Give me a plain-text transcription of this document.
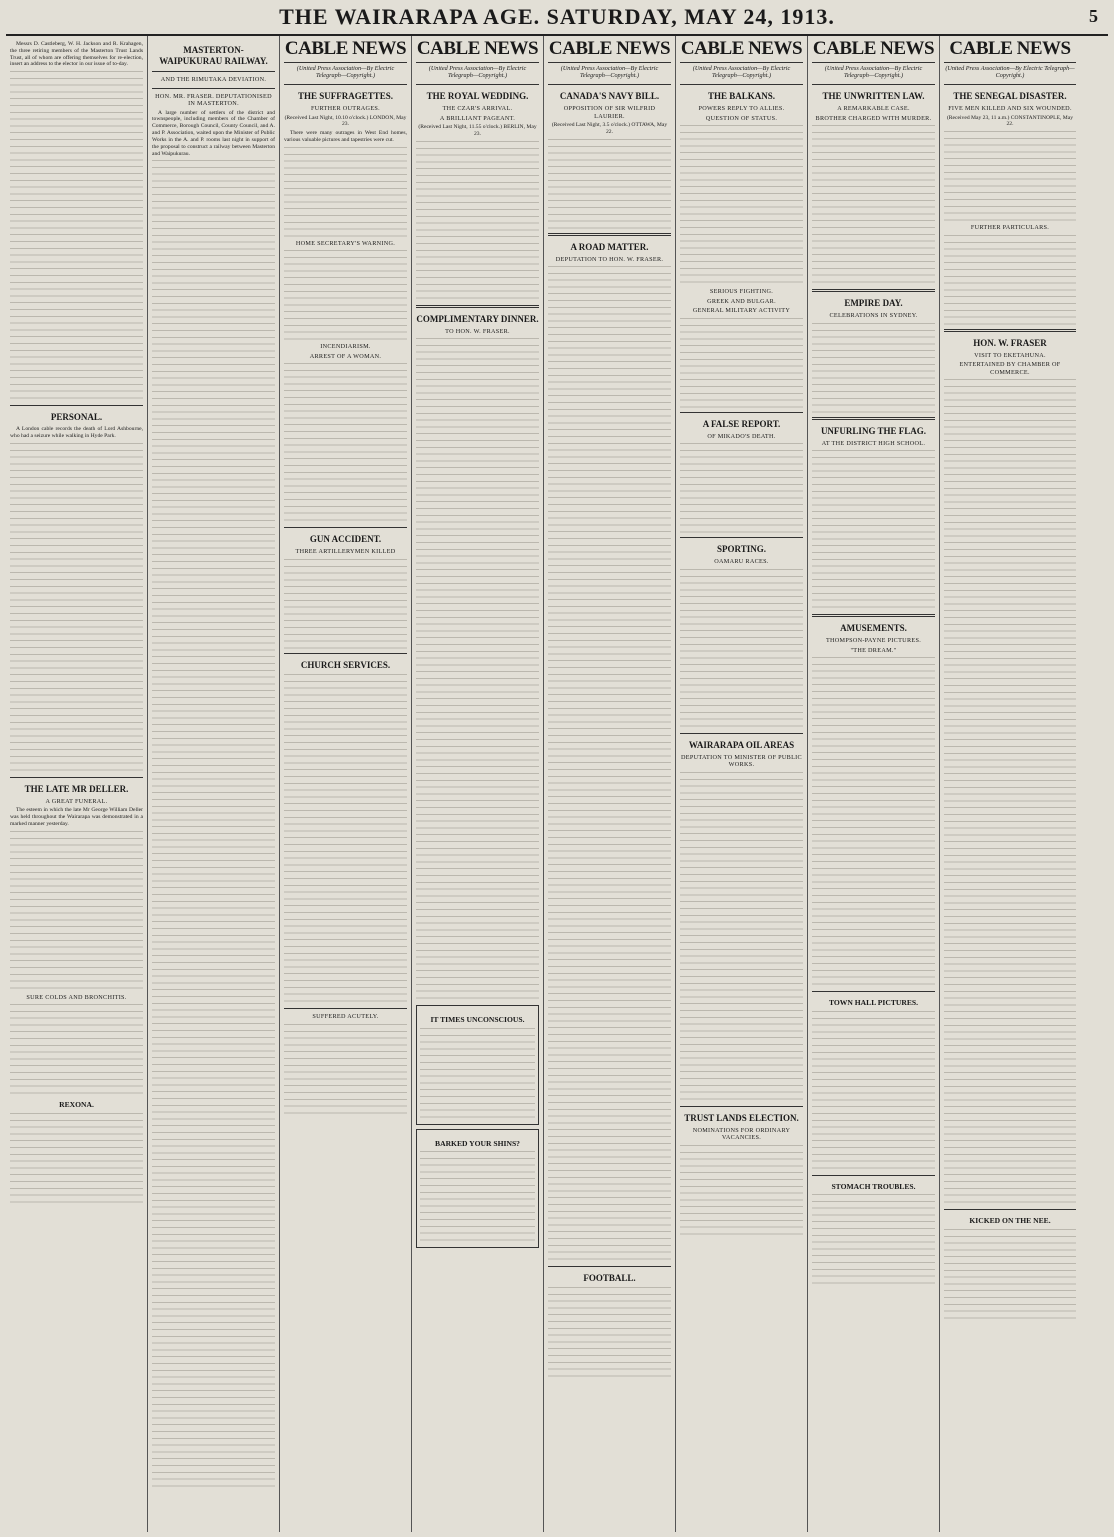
THE WAIRARAPA AGE. SATURDAY, MAY 24, 1913.	5
Messrs D. Castleberg, W. H. Jackson and R. Krahagen, the three retiring members of the Masterton Trust Lands Trust, all of whom are offering themselves for re-election, insert an address to the elector in our issue of to-day.
PERSONAL.
A London cable records the death of Lord Ashbourne, who had a seizure while walking in Hyde Park.
THE LATE MR DELLER.
A GREAT FUNERAL.
The esteem in which the late Mr George William Deller was held throughout the Wairarapa was demonstrated in a marked manner yesterday.
SURE COLDS AND BRONCHITIS.
REXONA.
MASTERTON-WAIPUKURAU RAILWAY.
AND THE RIMUTAKA DEVIATION.
HON. MR. FRASER. DEPUTATIONISED IN MASTERTON.
A large number of settlers of the district and townspeople, including members of the Chamber of Commerce, Borough Council, County Council, and A. and P. Association, waited upon the Minister of Public Works in the A. and P. rooms last night in support of the proposal to construct a railway between Masterton and Waipukurau.
CABLE NEWS
(United Press Association—By Electric Telegraph—Copyright.)
THE SUFFRAGETTES.
FURTHER OUTRAGES.
(Received Last Night, 10.10 o'clock.) LONDON, May 23.
There were many outrages in West End homes, various valuable pictures and tapestries were cut.
HOME SECRETARY'S WARNING.
INCENDIARISM.
ARREST OF A WOMAN.
GUN ACCIDENT.
THREE ARTILLERYMEN KILLED
CHURCH SERVICES.
SUFFERED ACUTELY.
CABLE NEWS
(United Press Association—By Electric Telegraph—Copyright.)
THE ROYAL WEDDING.
THE CZAR'S ARRIVAL.
A BRILLIANT PAGEANT.
(Received Last Night, 11.55 o'clock.) BERLIN, May 23.
COMPLIMENTARY DINNER.
TO HON. W. FRASER.
IT TIMES UNCONSCIOUS.
BARKED YOUR SHINS?
CABLE NEWS
(United Press Association—By Electric Telegraph—Copyright.)
CANADA'S NAVY BILL.
OPPOSITION OF SIR WILFRID LAURIER.
(Received Last Night, 3.5 o'clock.) OTTAWA, May 22.
A ROAD MATTER.
DEPUTATION TO HON. W. FRASER.
FOOTBALL.
CABLE NEWS
(United Press Association—By Electric Telegraph—Copyright.)
THE BALKANS.
POWERS REPLY TO ALLIES.
QUESTION OF STATUS.
SERIOUS FIGHTING.
GREEK AND BULGAR.
GENERAL MILITARY ACTIVITY
A FALSE REPORT.
OF MIKADO'S DEATH.
SPORTING.
OAMARU RACES.
WAIRARAPA OIL AREAS
DEPUTATION TO MINISTER OF PUBLIC WORKS.
TRUST LANDS ELECTION.
NOMINATIONS FOR ORDINARY VACANCIES.
CABLE NEWS
(United Press Association—By Electric Telegraph—Copyright.)
THE UNWRITTEN LAW.
A REMARKABLE CASE.
BROTHER CHARGED WITH MURDER.
EMPIRE DAY.
CELEBRATIONS IN SYDNEY.
UNFURLING THE FLAG.
AT THE DISTRICT HIGH SCHOOL.
AMUSEMENTS.
THOMPSON-PAYNE PICTURES.
"THE DREAM."
TOWN HALL PICTURES.
STOMACH TROUBLES.
CABLE NEWS
(United Press Association—By Electric Telegraph—Copyright.)
THE SENEGAL DISASTER.
FIVE MEN KILLED AND SIX WOUNDED.
(Received May 23, 11 a.m.) CONSTANTINOPLE, May 22.
FURTHER PARTICULARS.
HON. W. FRASER
VISIT TO EKETAHUNA.
ENTERTAINED BY CHAMBER OF COMMERCE.
KICKED ON THE NEE.
